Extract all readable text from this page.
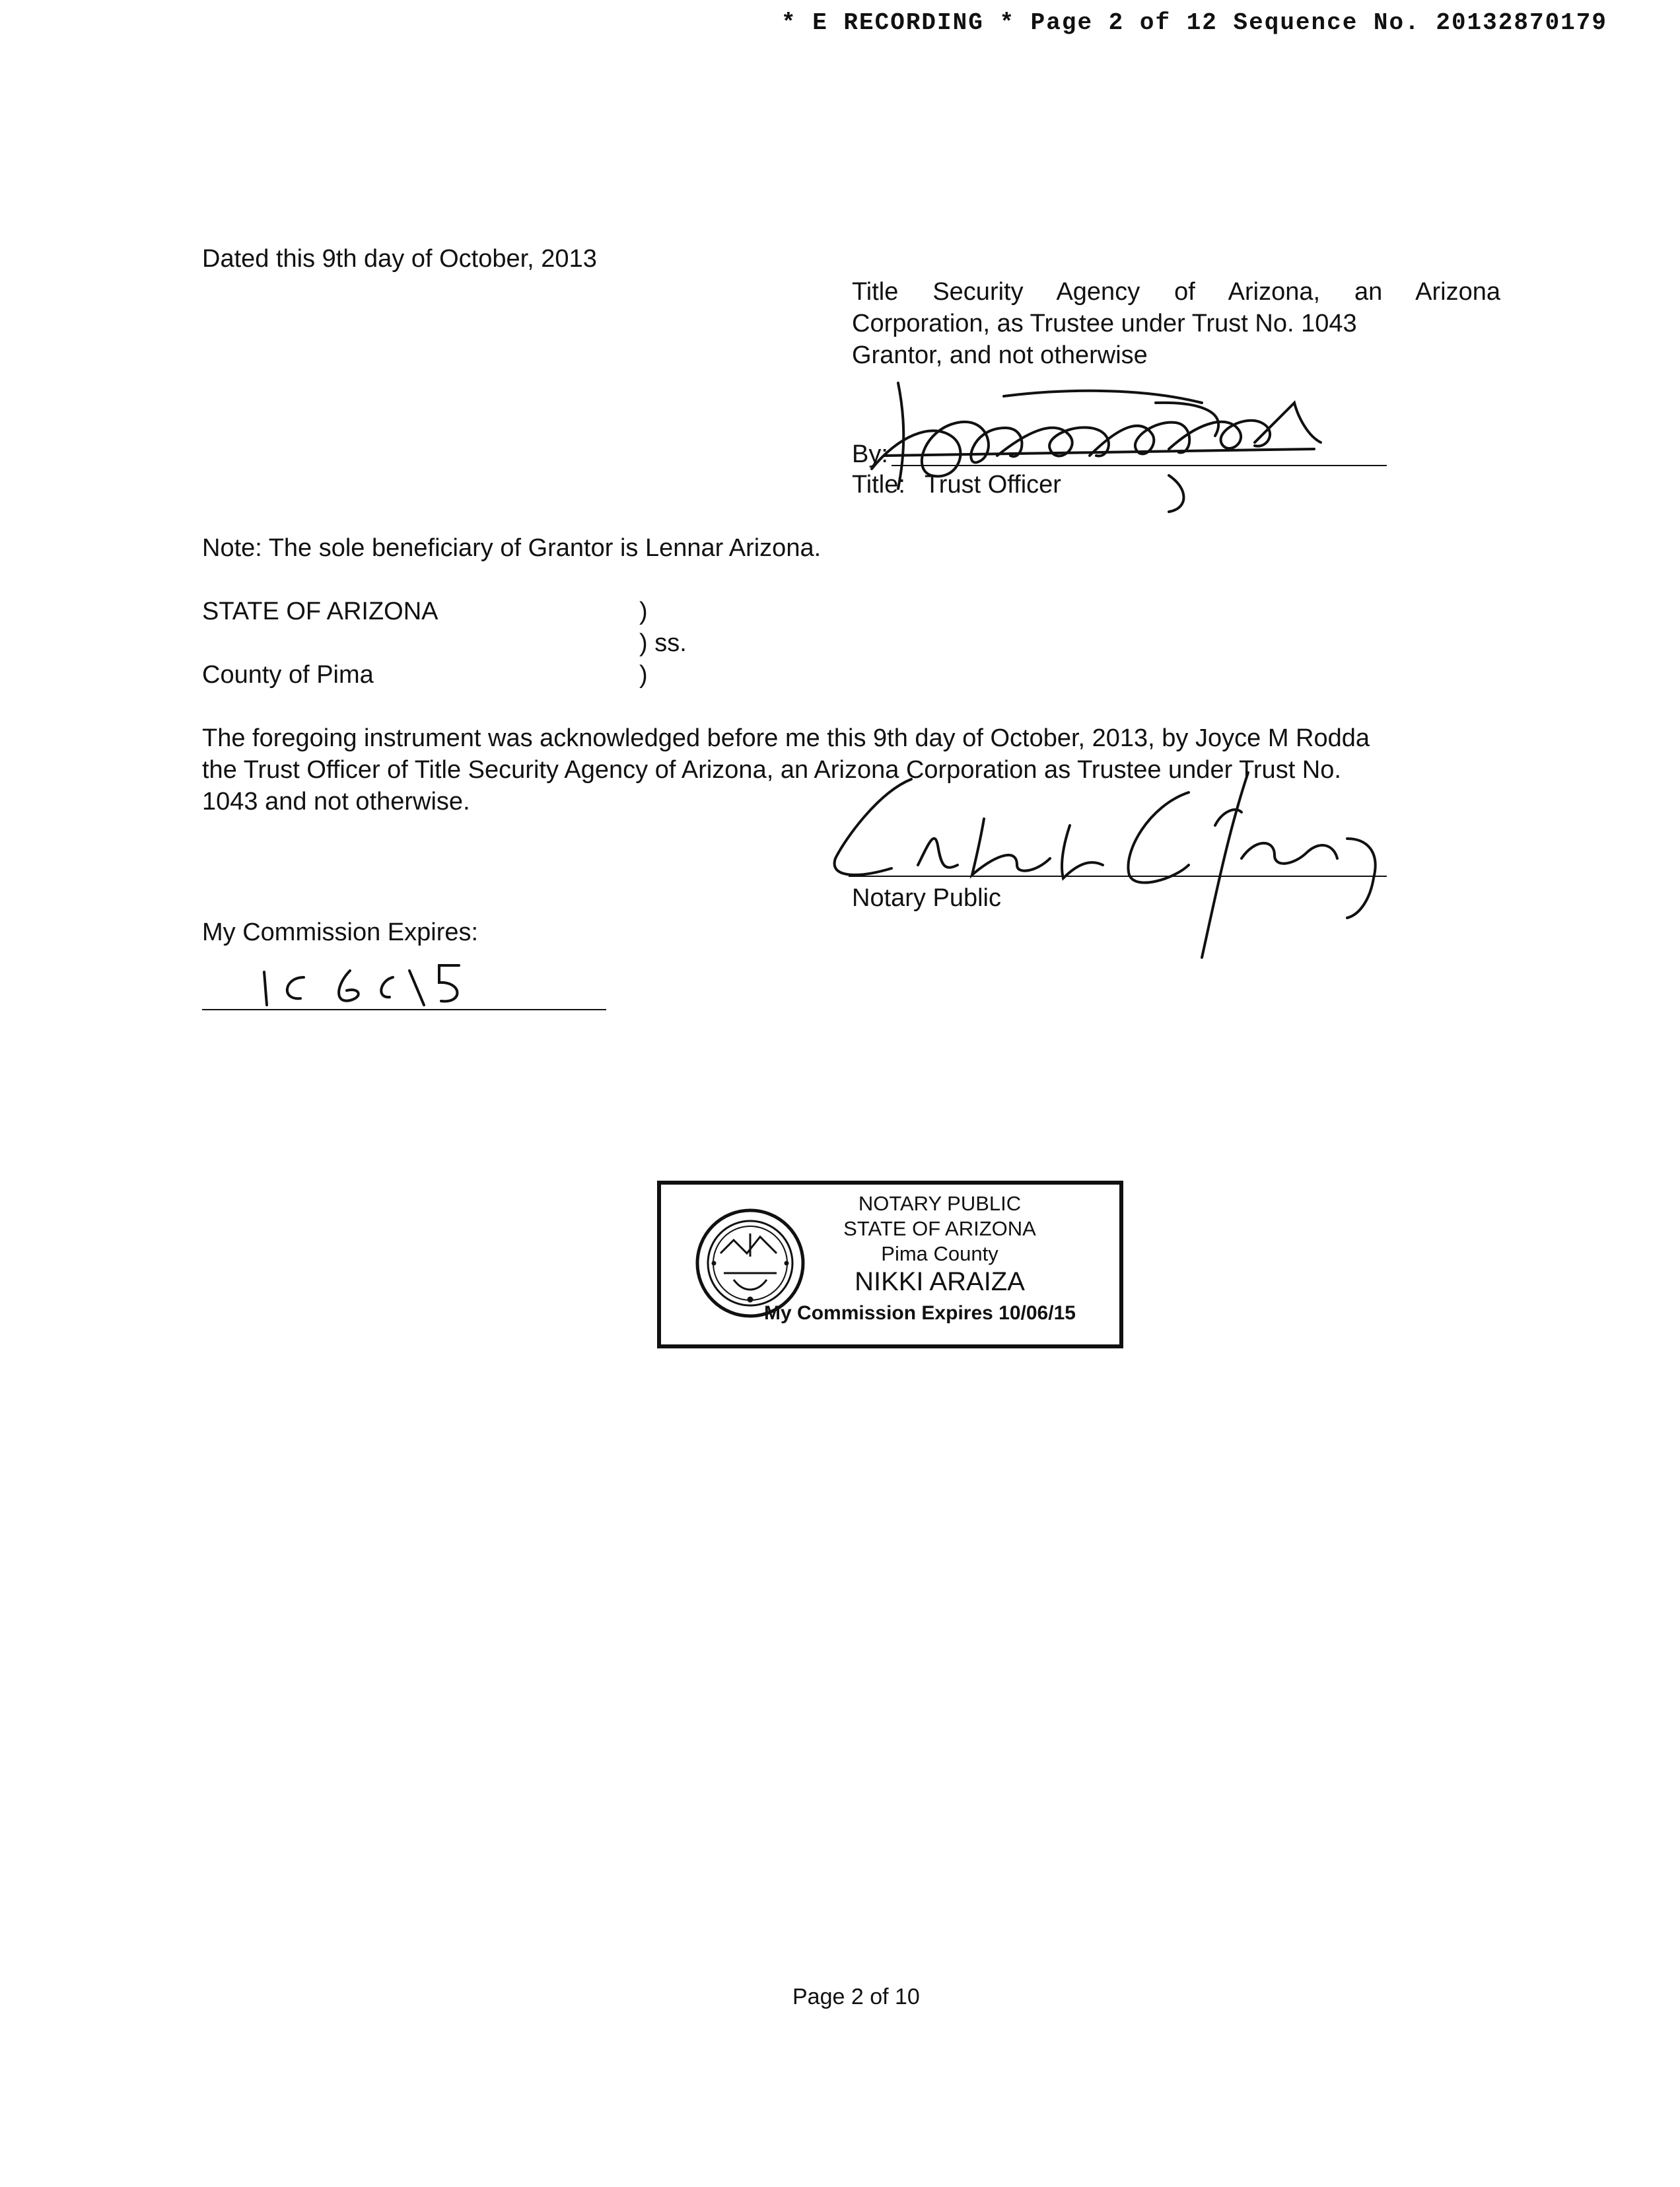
* E RECORDING * Page 2 of 12 Sequence No. 20132870179
Dated this 9th day of October, 2013
Title Security Agency of Arizona, an Arizona
Corporation, as Trustee under Trust No. 1043
Grantor, and not otherwise
By:
Title: Trust Officer
Note: The sole beneficiary of Grantor is Lennar Arizona.
STATE OF ARIZONA	)
) ss.
County of Pima	)
The foregoing instrument was acknowledged before me this 9th day of October, 2013, by Joyce M Rodda
the Trust Officer of Title Security Agency of Arizona, an Arizona Corporation as Trustee under Trust No.
1043 and not otherwise.
Notary Public
My Commission Expires:
NOTARY PUBLIC
STATE OF ARIZONA
Pima County
NIKKI ARAIZA
My Commission Expires 10/06/15
Page 2 of 10
